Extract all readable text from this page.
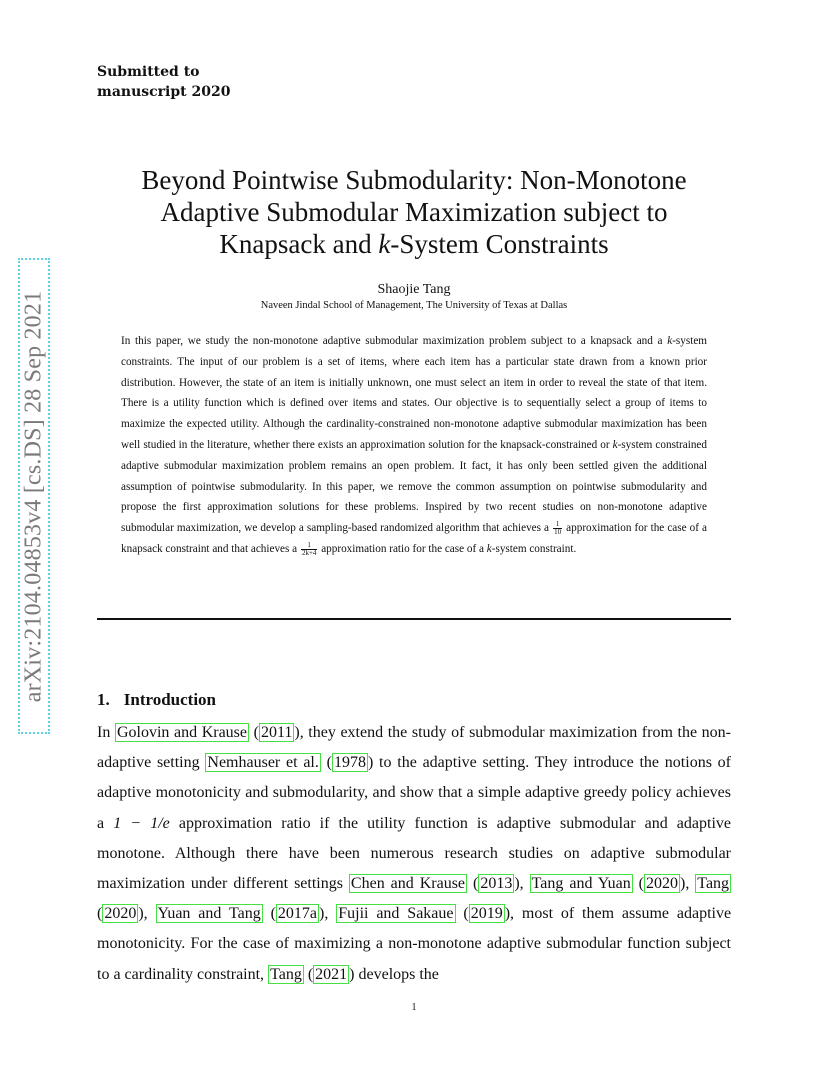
arXiv:2104.04853v4 [cs.DS] 28 Sep 2021
Submitted to
manuscript 2020
Beyond Pointwise Submodularity: Non-Monotone
Adaptive Submodular Maximization subject to
Knapsack and k-System Constraints
Shaojie Tang
Naveen Jindal School of Management, The University of Texas at Dallas

In this paper, we study the non-monotone adaptive submodular maximization problem subject to a knapsack and a k-system constraints. The input of our problem is a set of items, where each item has a particular state drawn from a known prior distribution. However, the state of an item is initially unknown, one must select an item in order to reveal the state of that item. There is a utility function which is defined over items and states. Our objective is to sequentially select a group of items to maximize the expected utility. Although the cardinality-constrained non-monotone adaptive submodular maximization has been well studied in the literature, whether there exists an approximation solution for the knapsack-constrained or k-system constrained adaptive submodular maximization problem remains an open problem. It fact, it has only been settled given the additional assumption of pointwise submodularity. In this paper, we remove the common assumption on pointwise submodularity and propose the first approximation solutions for these problems. Inspired by two recent studies on non-monotone adaptive submodular maximization, we develop a sampling-based randomized algorithm that achieves a $\frac{1}{10}$ approximation for the case of a knapsack constraint and that achieves a $\frac{1}{2k+4}$ approximation ratio for the case of a k-system constraint.

1. Introduction

In Golovin and Krause ( 2011 ), they extend the study of submodular maximization from the non-adaptive setting Nemhauser et al. ( 1978 ) to the adaptive setting. They introduce the notions of adaptive monotonicity and submodularity, and show that a simple adaptive greedy policy achieves a 1 − 1/e approximation ratio if the utility function is adaptive submodular and adaptive monotone. Although there have been numerous research studies on adaptive submodular maximization under different settings Chen and Krause ( 2013 ), Tang and Yuan ( 2020 ), Tang ( 2020 ), Yuan and Tang ( 2017a ), Fujii and Sakaue ( 2019 ), most of them assume adaptive monotonicity. For the case of maximizing a non-monotone adaptive submodular function subject to a cardinality constraint, Tang ( 2021 ) develops the

1
